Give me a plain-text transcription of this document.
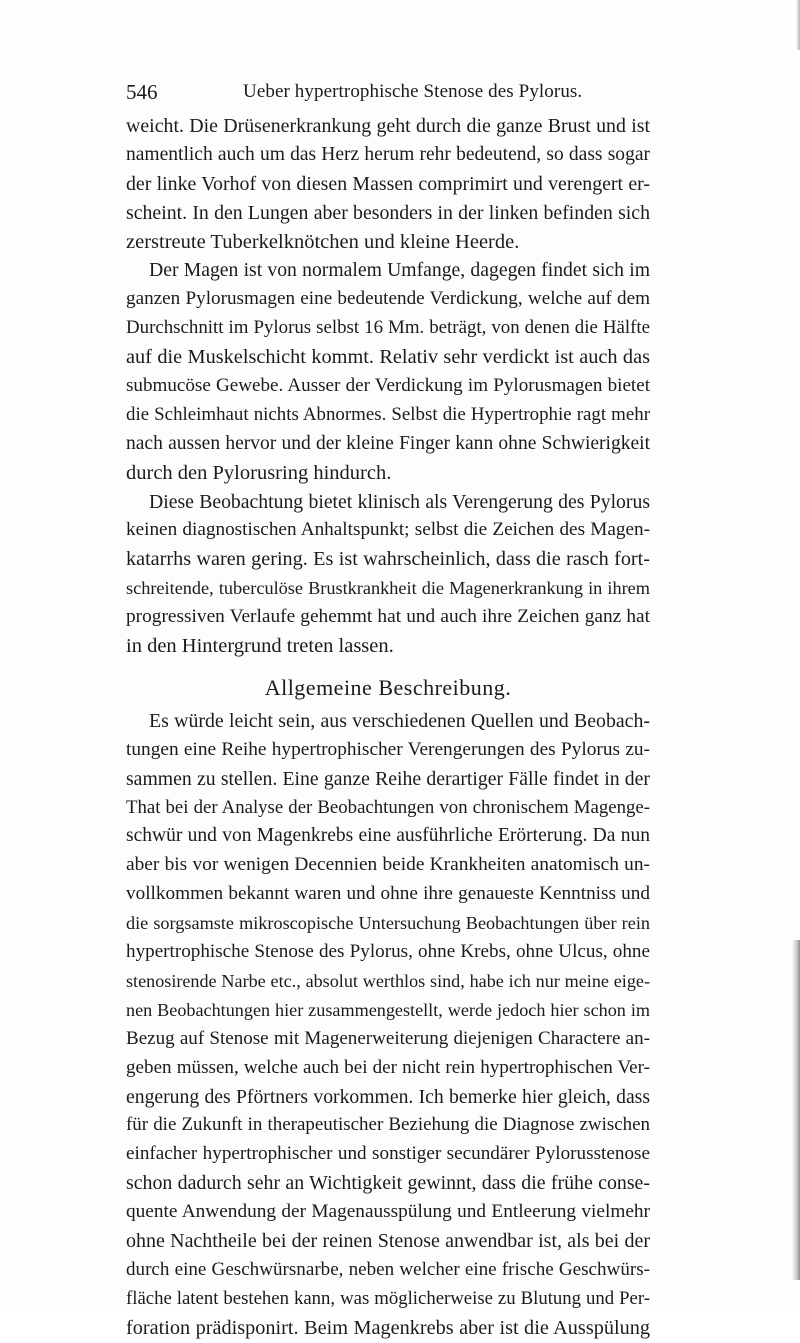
546	Ueber hypertrophische Stenose des Pylorus.
weicht. Die Drüsenerkrankung geht durch die ganze Brust und ist
namentlich auch um das Herz herum rehr bedeutend, so dass sogar
der linke Vorhof von diesen Massen comprimirt und verengert er-
scheint. In den Lungen aber besonders in der linken befinden sich
zerstreute Tuberkelknötchen und kleine Heerde.
Der Magen ist von normalem Umfange, dagegen findet sich im
ganzen Pylorusmagen eine bedeutende Verdickung, welche auf dem
Durchschnitt im Pylorus selbst 16 Mm. beträgt, von denen die Hälfte
auf die Muskelschicht kommt. Relativ sehr verdickt ist auch das
submucöse Gewebe. Ausser der Verdickung im Pylorusmagen bietet
die Schleimhaut nichts Abnormes. Selbst die Hypertrophie ragt mehr
nach aussen hervor und der kleine Finger kann ohne Schwierigkeit
durch den Pylorusring hindurch.
Diese Beobachtung bietet klinisch als Verengerung des Pylorus
keinen diagnostischen Anhaltspunkt; selbst die Zeichen des Magen-
katarrhs waren gering. Es ist wahrscheinlich, dass die rasch fort-
schreitende, tuberculöse Brustkrankheit die Magenerkrankung in ihrem
progressiven Verlaufe gehemmt hat und auch ihre Zeichen ganz hat
in den Hintergrund treten lassen.
Allgemeine Beschreibung.
Es würde leicht sein, aus verschiedenen Quellen und Beobach-
tungen eine Reihe hypertrophischer Verengerungen des Pylorus zu-
sammen zu stellen. Eine ganze Reihe derartiger Fälle findet in der
That bei der Analyse der Beobachtungen von chronischem Magenge-
schwür und von Magenkrebs eine ausführliche Erörterung. Da nun
aber bis vor wenigen Decennien beide Krankheiten anatomisch un-
vollkommen bekannt waren und ohne ihre genaueste Kenntniss und
die sorgsamste mikroscopische Untersuchung Beobachtungen über rein
hypertrophische Stenose des Pylorus, ohne Krebs, ohne Ulcus, ohne
stenosirende Narbe etc., absolut werthlos sind, habe ich nur meine eige-
nen Beobachtungen hier zusammengestellt, werde jedoch hier schon im
Bezug auf Stenose mit Magenerweiterung diejenigen Charactere an-
geben müssen, welche auch bei der nicht rein hypertrophischen Ver-
engerung des Pförtners vorkommen. Ich bemerke hier gleich, dass
für die Zukunft in therapeutischer Beziehung die Diagnose zwischen
einfacher hypertrophischer und sonstiger secundärer Pylorusstenose
schon dadurch sehr an Wichtigkeit gewinnt, dass die frühe conse-
quente Anwendung der Magenausspülung und Entleerung vielmehr
ohne Nachtheile bei der reinen Stenose anwendbar ist, als bei der
durch eine Geschwürsnarbe, neben welcher eine frische Geschwürs-
fläche latent bestehen kann, was möglicherweise zu Blutung und Per-
foration prädisponirt. Beim Magenkrebs aber ist die Ausspülung
